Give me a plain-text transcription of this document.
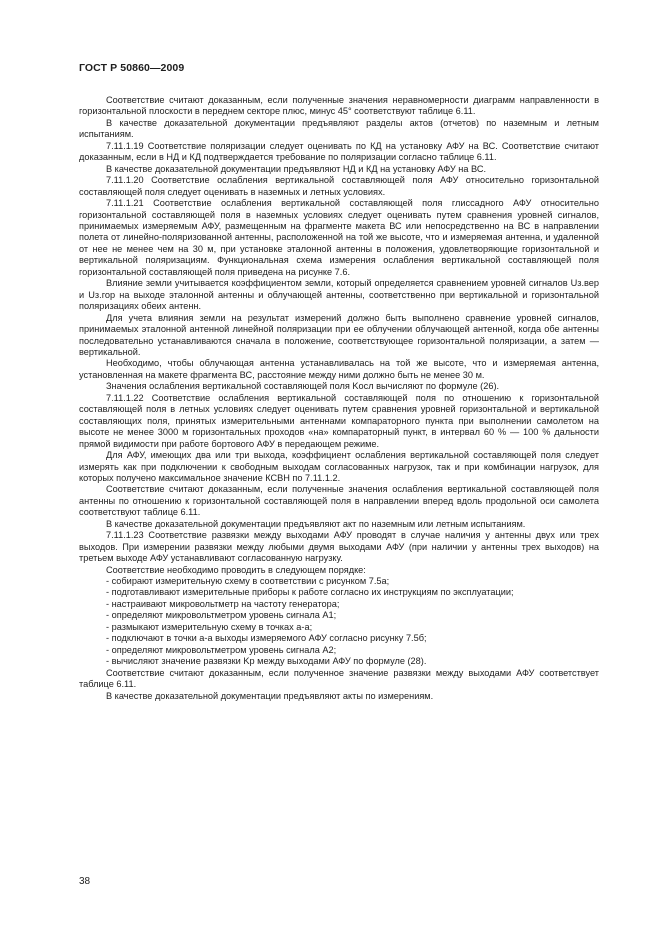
ГОСТ Р 50860—2009

Соответствие считают доказанным, если полученные значения неравномерности диаграмм направленности в горизонтальной плоскости в переднем секторе плюс, минус 45° соответствуют таблице 6.11.

В качестве доказательной документации предъявляют разделы актов (отчетов) по наземным и летным испытаниям.

7.11.1.19 Соответствие поляризации следует оценивать по КД на установку АФУ на ВС. Соответствие считают доказанным, если в НД и КД подтверждается требование по поляризации согласно таблице 6.11.

В качестве доказательной документации предъявляют НД и КД на установку АФУ на ВС.

7.11.1.20 Соответствие ослабления вертикальной составляющей поля АФУ относительно горизонтальной составляющей поля следует оценивать в наземных и летных условиях.

7.11.1.21 Соответствие ослабления вертикальной составляющей поля глиссадного АФУ относительно горизонтальной составляющей поля в наземных условиях следует оценивать путем сравнения уровней сигналов, принимаемых измеряемым АФУ, размещенным на фрагменте макета ВС или непосредственно на ВС в направлении полета от линейно-поляризованной антенны, расположенной на той же высоте, что и измеряемая антенна, и удаленной от нее не менее чем на 30 м, при установке эталонной антенны в положения, удовлетворяющие горизонтальной и вертикальной поляризациям. Функциональная схема измерения ослабления вертикальной составляющей поля горизонтальной составляющей поля приведена на рисунке 7.6.

Влияние земли учитывается коэффициентом земли, который определяется сравнением уровней сигналов Uз.вер и Uз.гор на выходе эталонной антенны и облучающей антенны, соответственно при вертикальной и горизонтальной поляризациях обеих антенн.

Для учета влияния земли на результат измерений должно быть выполнено сравнение уровней сигналов, принимаемых эталонной антенной линейной поляризации при ее облучении облучающей антенной, когда обе антенны последовательно устанавливаются сначала в положение, соответствующее горизонтальной поляризации, а затем — вертикальной.

Необходимо, чтобы облучающая антенна устанавливалась на той же высоте, что и измеряемая антенна, установленная на макете фрагмента ВС, расстояние между ними должно быть не менее 30 м.

Значения ослабления вертикальной составляющей поля Kосл вычисляют по формуле (26).

7.11.1.22 Соответствие ослабления вертикальной составляющей поля по отношению к горизонтальной составляющей поля в летных условиях следует оценивать путем сравнения уровней горизонтальной и вертикальной составляющих поля, принятых измерительными антеннами компараторного пункта при выполнении самолетом на высоте не менее 3000 м горизонтальных проходов «на» компараторный пункт, в интервал 60 % — 100 % дальности прямой видимости при работе бортового АФУ в передающем режиме.

Для АФУ, имеющих два или три выхода, коэффициент ослабления вертикальной составляющей поля следует измерять как при подключении к свободным выходам согласованных нагрузок, так и при комбинации нагрузок, для которых получено максимальное значение КСВН по 7.11.1.2.

Соответствие считают доказанным, если полученные значения ослабления вертикальной составляющей поля антенны по отношению к горизонтальной составляющей поля в направлении вперед вдоль продольной оси самолета соответствуют таблице 6.11.

В качестве доказательной документации предъявляют акт по наземным или летным испытаниям.

7.11.1.23 Соответствие развязки между выходами АФУ проводят в случае наличия у антенны двух или трех выходов. При измерении развязки между любыми двумя выходами АФУ (при наличии у антенны трех выходов) на третьем выходе АФУ устанавливают согласованную нагрузку.

Соответствие необходимо проводить в следующем порядке:

- собирают измерительную схему в соответствии с рисунком 7.5а;

- подготавливают измерительные приборы к работе согласно их инструкциям по эксплуатации;

- настраивают микровольтметр на частоту генератора;

- определяют микровольтметром уровень сигнала A1;

- размыкают измерительную схему в точках а-а;

- подключают в точки а-а выходы измеряемого АФУ согласно рисунку 7.5б;

- определяют микровольтметром уровень сигнала A2;

- вычисляют значение развязки Kр между выходами АФУ по формуле (28).

Соответствие считают доказанным, если полученное значение развязки между выходами АФУ соответствует таблице 6.11.

В качестве доказательной документации предъявляют акты по измерениям.

38
